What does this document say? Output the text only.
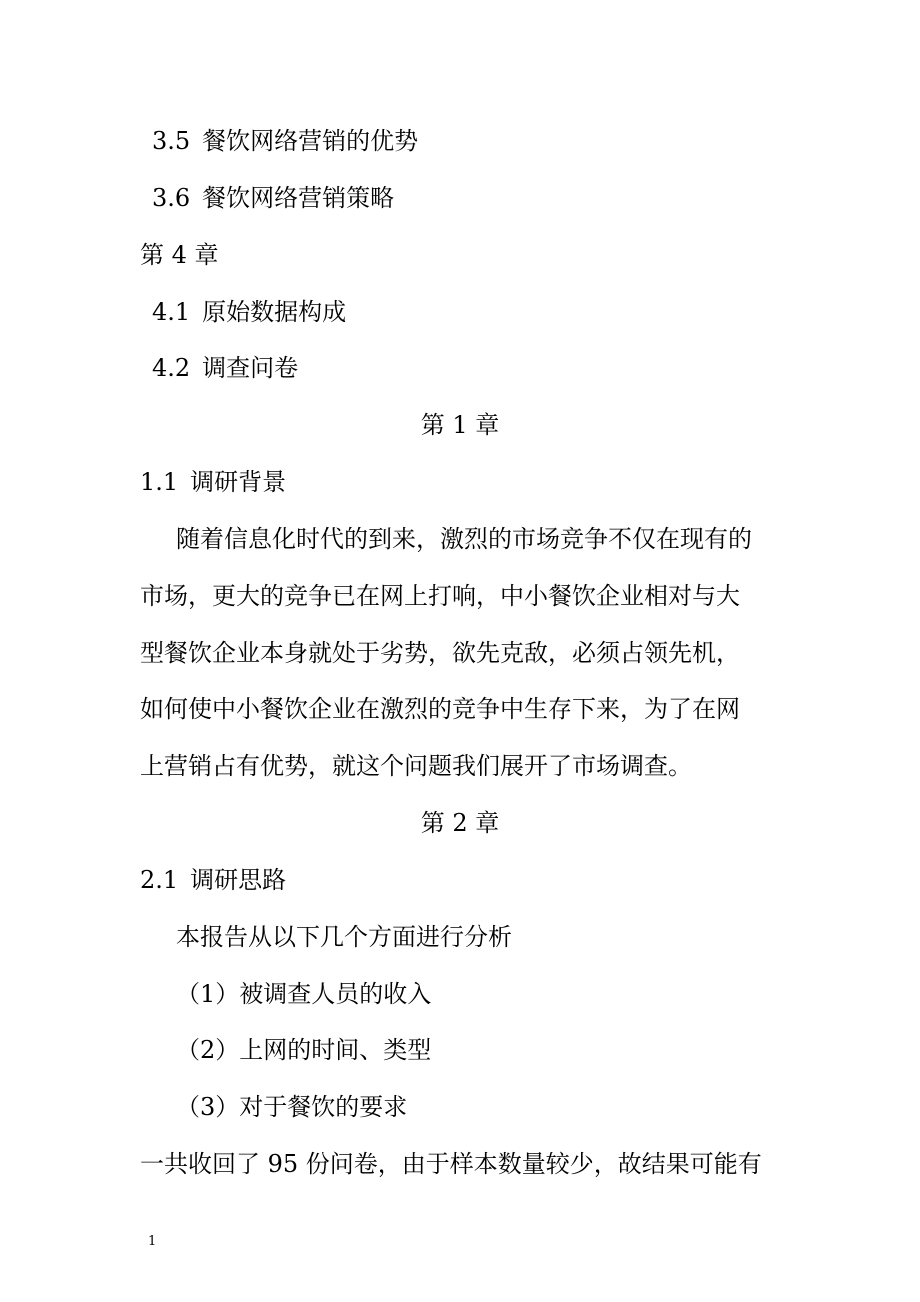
3.5 餐饮网络营销的优势
3.6 餐饮网络营销策略
第 4 章
4.1 原始数据构成
4.2 调查问卷
第 1 章
1.1 调研背景
随着信息化时代的到来，激烈的市场竞争不仅在现有的
市场，更大的竞争已在网上打响，中小餐饮企业相对与大
型餐饮企业本身就处于劣势，欲先克敌，必须占领先机，
如何使中小餐饮企业在激烈的竞争中生存下来，为了在网
上营销占有优势，就这个问题我们展开了市场调查。
第 2 章
2.1 调研思路
本报告从以下几个方面进行分析
（1）被调查人员的收入
（2）上网的时间、类型
（3）对于餐饮的要求
一共收回了 95 份问卷，由于样本数量较少，故结果可能有
1
